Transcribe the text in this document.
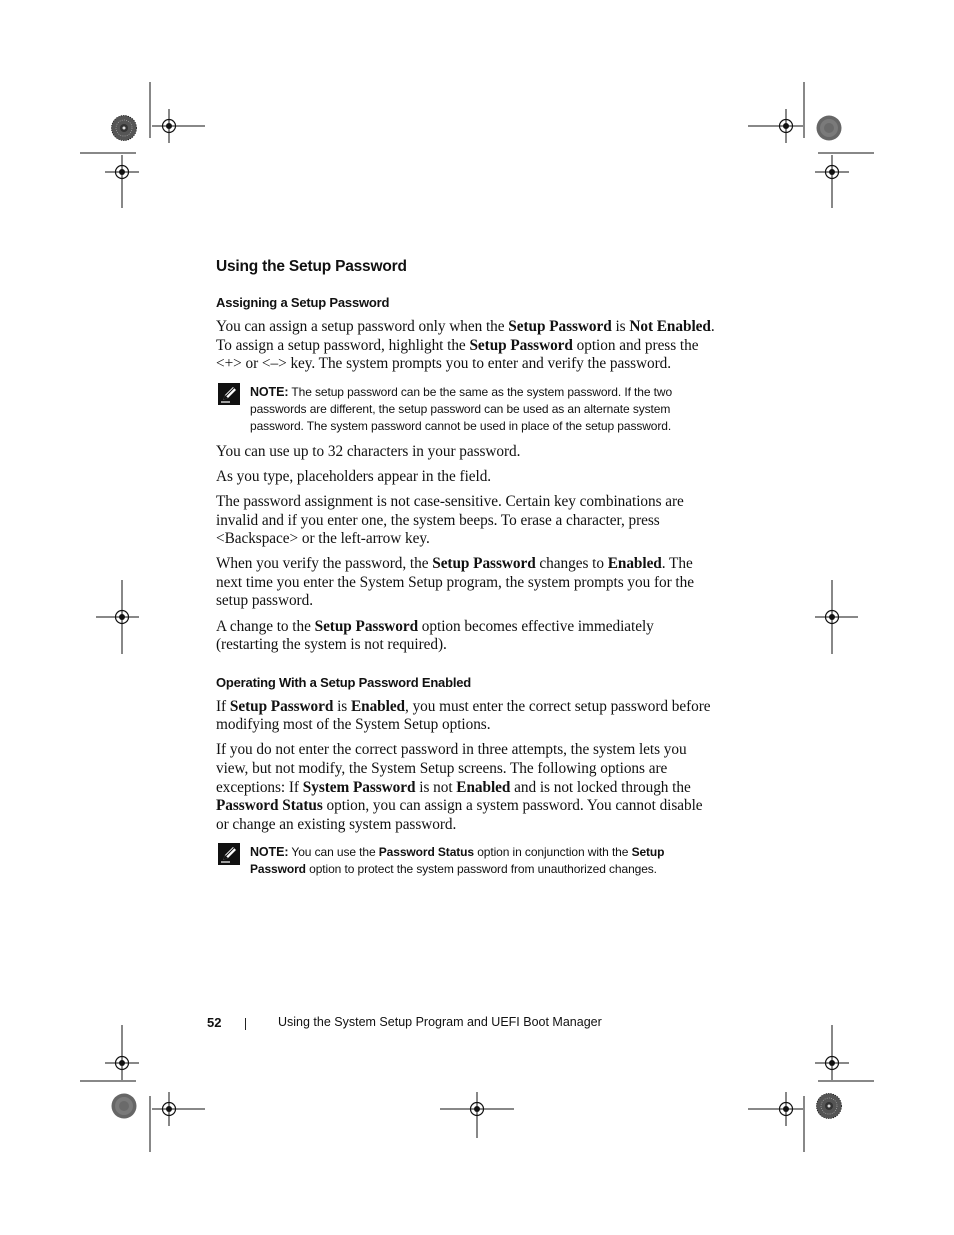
Using the Setup Password
Assigning a Setup Password

You can assign a setup password only when the Setup Password is Not Enabled. To assign a setup password, highlight the Setup Password option and press the <+> or <–> key. The system prompts you to enter and verify the password.

NOTE: The setup password can be the same as the system password. If the two passwords are different, the setup password can be used as an alternate system password. The system password cannot be used in place of the setup password.

You can use up to 32 characters in your password.

As you type, placeholders appear in the field.

The password assignment is not case-sensitive. Certain key combinations are invalid and if you enter one, the system beeps. To erase a character, press <Backspace> or the left-arrow key.

When you verify the password, the Setup Password changes to Enabled. The next time you enter the System Setup program, the system prompts you for the setup password.

A change to the Setup Password option becomes effective immediately (restarting the system is not required).

Operating With a Setup Password Enabled

If Setup Password is Enabled, you must enter the correct setup password before modifying most of the System Setup options.

If you do not enter the correct password in three attempts, the system lets you view, but not modify, the System Setup screens. The following options are exceptions: If System Password is not Enabled and is not locked through the Password Status option, you can assign a system password. You cannot disable or change an existing system password.

NOTE: You can use the Password Status option in conjunction with the Setup Password option to protect the system password from unauthorized changes.
52	Using the System Setup Program and UEFI Boot Manager
